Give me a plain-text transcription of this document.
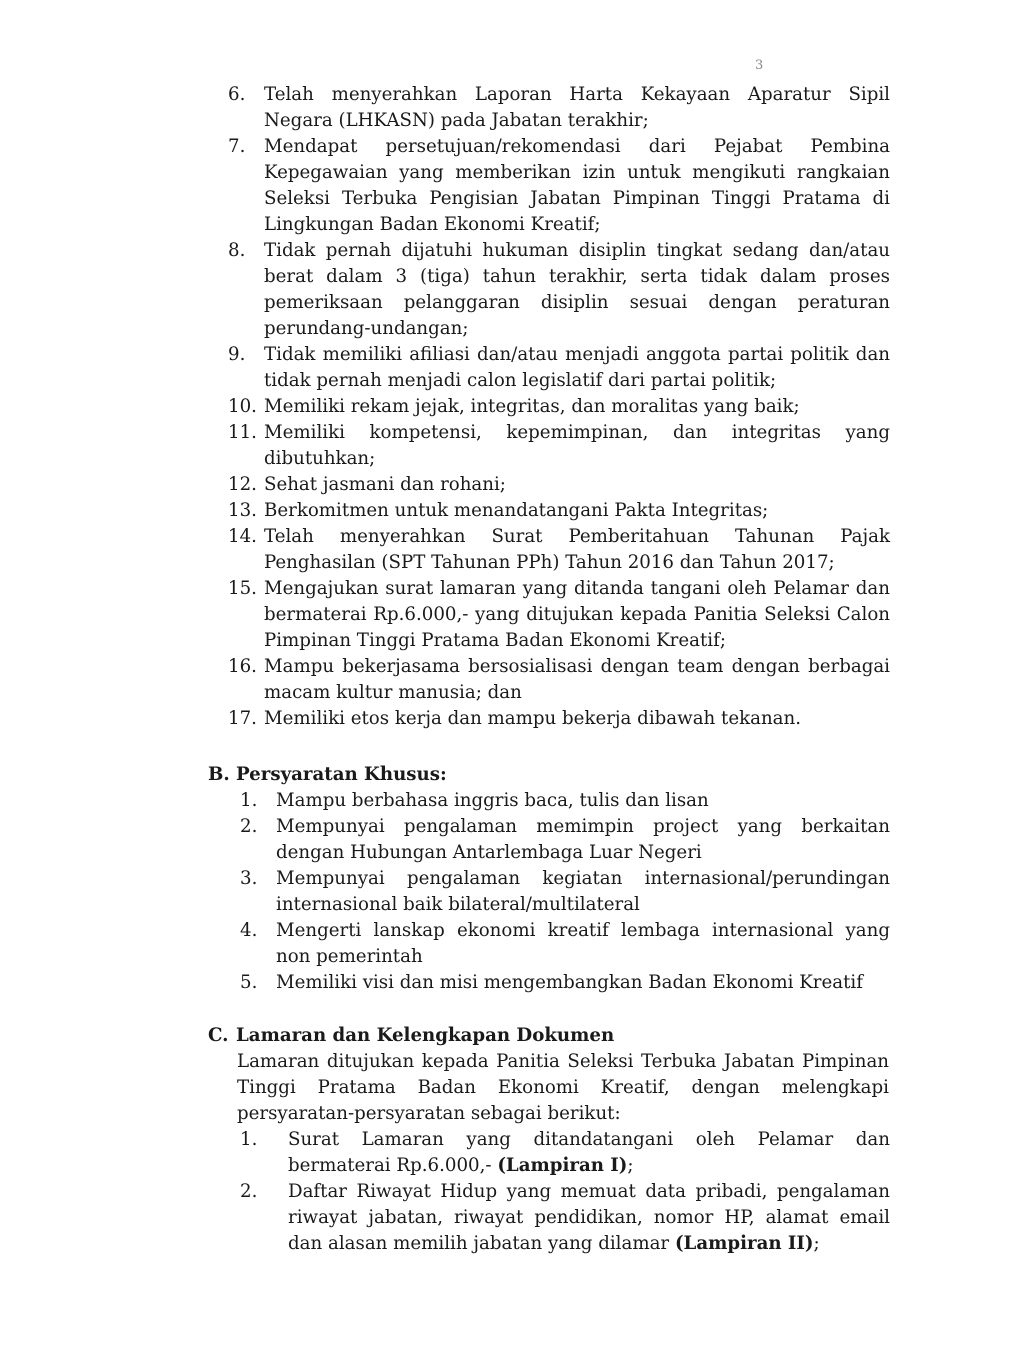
3
6.	Telah menyerahkan Laporan Harta Kekayaan Aparatur Sipil Negara (LHKASN) pada Jabatan terakhir;
7.	Mendapat persetujuan/rekomendasi dari Pejabat Pembina Kepegawaian yang memberikan izin untuk mengikuti rangkaian Seleksi Terbuka Pengisian Jabatan Pimpinan Tinggi Pratama di Lingkungan Badan Ekonomi Kreatif;
8.	Tidak pernah dijatuhi hukuman disiplin tingkat sedang dan/atau berat dalam 3 (tiga) tahun terakhir, serta tidak dalam proses pemeriksaan pelanggaran disiplin sesuai dengan peraturan perundang-undangan;
9.	Tidak memiliki afiliasi dan/atau menjadi anggota partai politik dan tidak pernah menjadi calon legislatif dari partai politik;
10. Memiliki rekam jejak, integritas, dan moralitas yang baik;
11. Memiliki kompetensi, kepemimpinan, dan integritas yang dibutuhkan;
12. Sehat jasmani dan rohani;
13. Berkomitmen untuk menandatangani Pakta Integritas;
14. Telah menyerahkan Surat Pemberitahuan Tahunan Pajak Penghasilan (SPT Tahunan PPh) Tahun 2016 dan Tahun 2017;
15. Mengajukan surat lamaran yang ditanda tangani oleh Pelamar dan bermaterai Rp.6.000,- yang ditujukan kepada Panitia Seleksi Calon Pimpinan Tinggi Pratama Badan Ekonomi Kreatif;
16. Mampu bekerjasama bersosialisasi dengan team dengan berbagai macam kultur manusia; dan
17. Memiliki etos kerja dan mampu bekerja dibawah tekanan.
B. Persyaratan Khusus:
1.	Mampu berbahasa inggris baca, tulis dan lisan
2.	Mempunyai pengalaman memimpin project yang berkaitan dengan Hubungan Antarlembaga Luar Negeri
3.	Mempunyai pengalaman kegiatan internasional/perundingan internasional baik bilateral/multilateral
4.	Mengerti lanskap ekonomi kreatif lembaga internasional yang non pemerintah
5.	Memiliki visi dan misi mengembangkan Badan Ekonomi Kreatif
C. Lamaran dan Kelengkapan Dokumen

Lamaran ditujukan kepada Panitia Seleksi Terbuka Jabatan Pimpinan Tinggi Pratama Badan Ekonomi Kreatif, dengan melengkapi persyaratan-persyaratan sebagai berikut:

1.	Surat Lamaran yang ditandatangani oleh Pelamar dan bermaterai Rp.6.000,- (Lampiran I);
2.	Daftar Riwayat Hidup yang memuat data pribadi, pengalaman riwayat jabatan, riwayat pendidikan, nomor HP, alamat email dan alasan memilih jabatan yang dilamar (Lampiran II);
